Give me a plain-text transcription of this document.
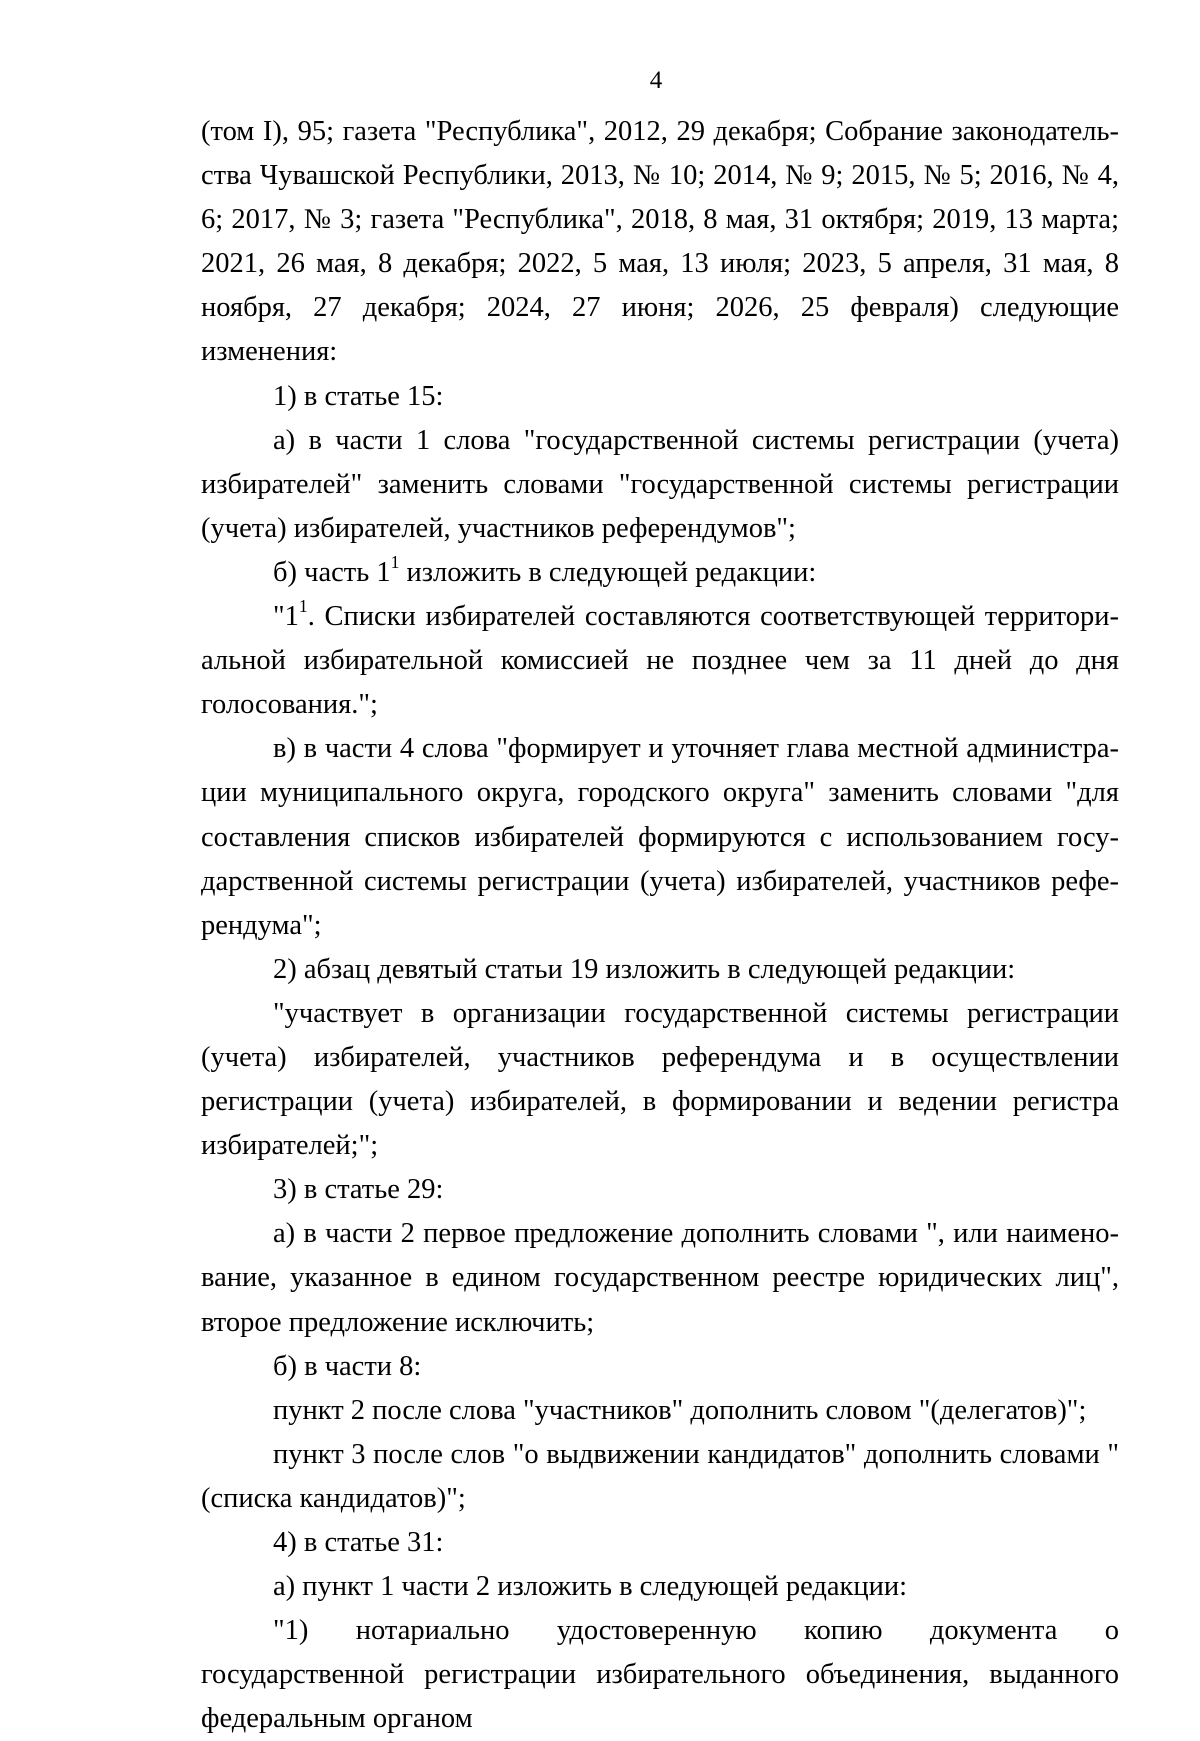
4

(том I), 95; газета "Республика", 2012, 29 декабря; Собрание законодательства Чувашской Республики, 2013, № 10; 2014, № 9; 2015, № 5; 2016, № 4, 6; 2017, № 3; газета "Республика", 2018, 8 мая, 31 октября; 2019, 13 марта; 2021, 26 мая, 8 декабря; 2022, 5 мая, 13 июля; 2023, 5 апреля, 31 мая, 8 ноября, 27 декабря; 2024, 27 июня; 2026, 25 февраля) следующие изменения:

1) в статье 15:

а) в части 1 слова "государственной системы регистрации (учета) избирателей" заменить словами "государственной системы регистрации (учета) избирателей, участников референдумов";

б) часть $1^1$ изложить в следующей редакции:

"$1^1$. Списки избирателей составляются соответствующей территориальной избирательной комиссией не позднее чем за 11 дней до дня голосования.";

в) в части 4 слова "формирует и уточняет глава местной администрации муниципального округа, городского округа" заменить словами "для составления списков избирателей формируются с использованием государственной системы регистрации (учета) избирателей, участников референдума";

2) абзац девятый статьи 19 изложить в следующей редакции:

"участвует в организации государственной системы регистрации (учета) избирателей, участников референдума и в осуществлении регистрации (учета) избирателей, в формировании и ведении регистра избирателей;";

3) в статье 29:

а) в части 2 первое предложение дополнить словами ", или наименование, указанное в едином государственном реестре юридических лиц", второе предложение исключить;

б) в части 8:

пункт 2 после слова "участников" дополнить словом "(делегатов)";

пункт 3 после слов "о выдвижении кандидатов" дополнить словами "(списка кандидатов)";

4) в статье 31:

а) пункт 1 части 2 изложить в следующей редакции:

"1) нотариально удостоверенную копию документа о государственной регистрации избирательного объединения, выданного федеральным органом
